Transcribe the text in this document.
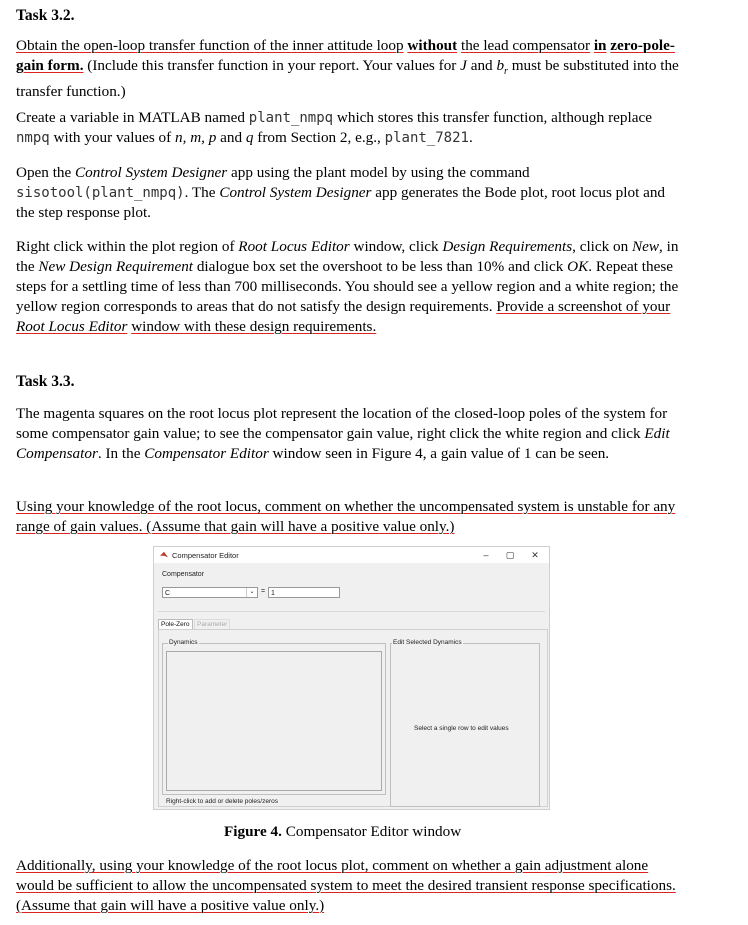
Task 3.2.

Obtain the open-loop transfer function of the inner attitude loop without the lead compensator in zero-pole-gain form. (Include this transfer function in your report. Your values for J and $b_r$ must be substituted into the transfer function.)

Create a variable in MATLAB named plant_nmpq which stores this transfer function, although replace nmpq with your values of n, m, p and q from Section 2, e.g., plant_7821.

Open the Control System Designer app using the plant model by using the command
sisotool(plant_nmpq). The Control System Designer app generates the Bode plot, root locus plot and the step response plot.

Right click within the plot region of Root Locus Editor window, click Design Requirements, click on New, in the New Design Requirement dialogue box set the overshoot to be less than 10% and click OK. Repeat these steps for a settling time of less than 700 milliseconds. You should see a yellow region and a white region; the yellow region corresponds to areas that do not satisfy the design requirements. Provide a screenshot of your Root Locus Editor window with these design requirements.

Task 3.3.

The magenta squares on the root locus plot represent the location of the closed-loop poles of the system for some compensator gain value; to see the compensator gain value, right click the white region and click Edit Compensator. In the Compensator Editor window seen in Figure 4, a gain value of 1 can be seen.

Using your knowledge of the root locus, comment on whether the uncompensated system is unstable for any range of gain values. (Assume that gain will have a positive value only.)

Additionally, using your knowledge of the root locus plot, comment on whether a gain adjustment alone would be sufficient to allow the uncompensated system to meet the desired transient response specifications. (Assume that gain will have a positive value only.)

Compensator Editor	–	▢	✕
Compensator
C	⌄ = 1
Pole-Zero	Parameter
Dynamics
Right-click to add or delete poles/zeros
Edit Selected Dynamics
Select a single row to edit values
Figure 4. Compensator Editor window
